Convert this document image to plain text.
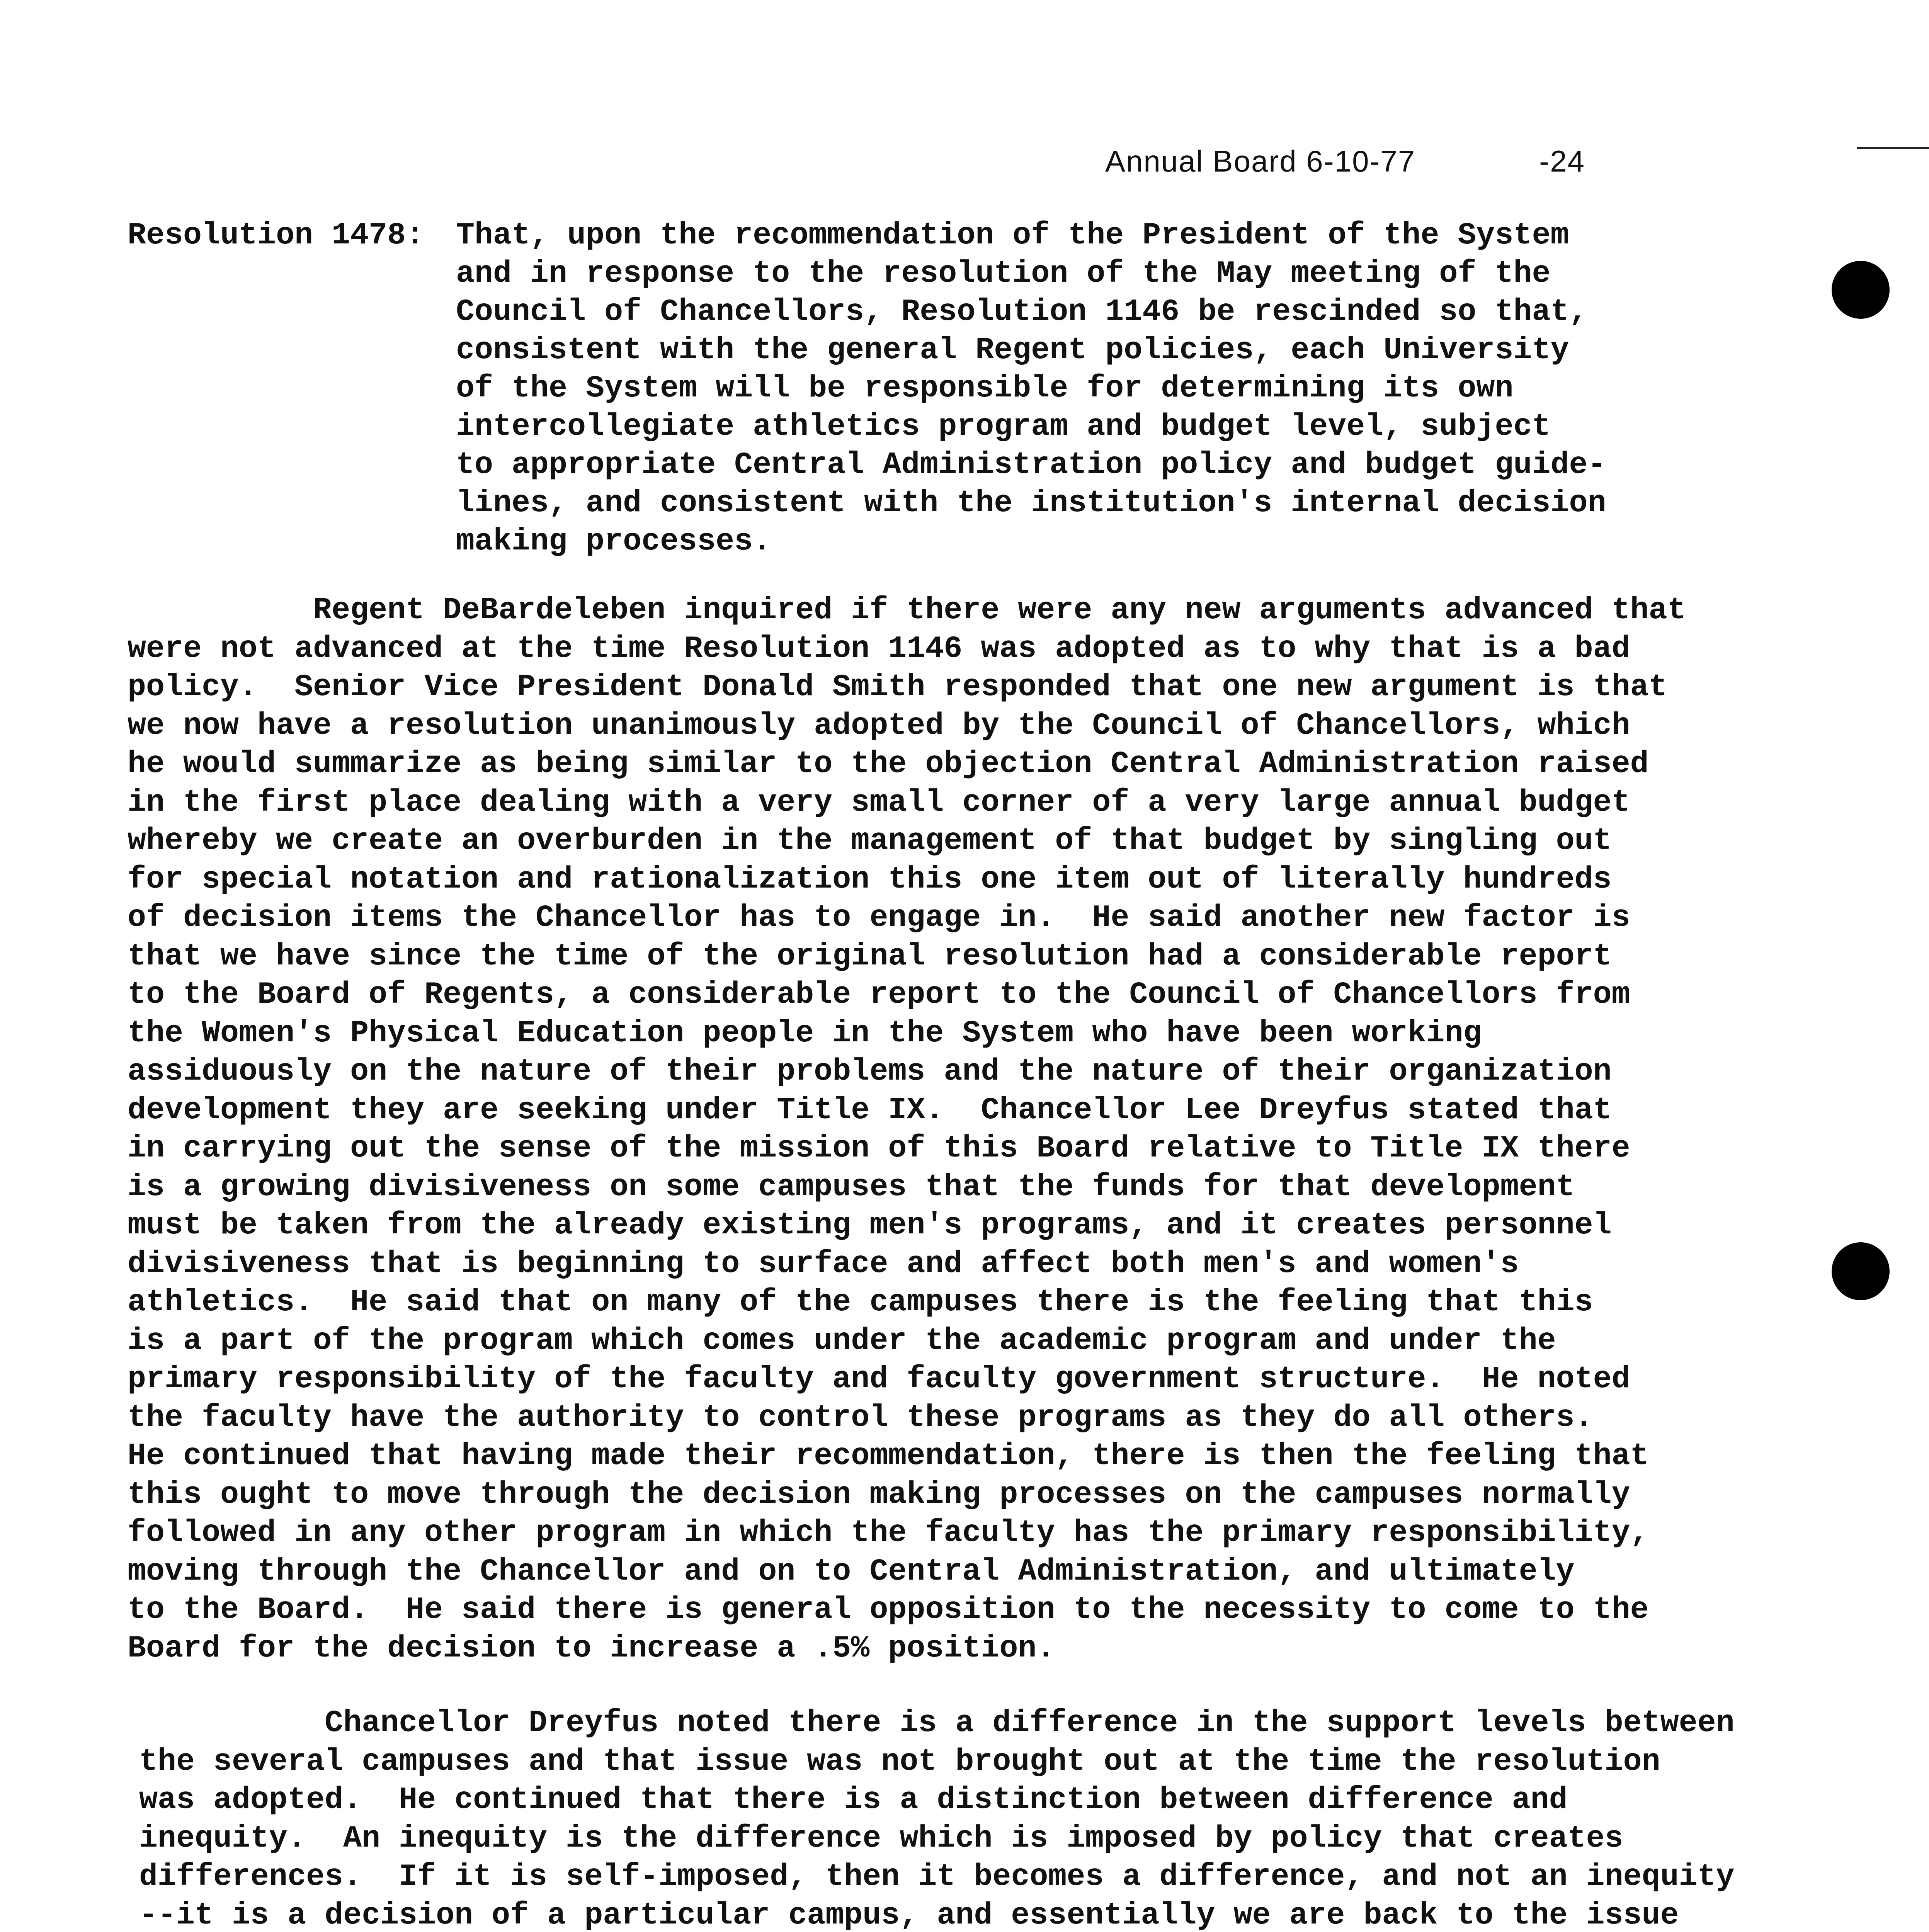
Annual Board 6-10-77	-24
Resolution 1478: That, upon the recommendation of the President of the System
and in response to the resolution of the May meeting of the
Council of Chancellors, Resolution 1146 be rescinded so that,
consistent with the general Regent policies, each University
of the System will be responsible for determining its own
intercollegiate athletics program and budget level, subject
to appropriate Central Administration policy and budget guide-
lines, and consistent with the institution's internal decision
making processes.
Regent DeBardeleben inquired if there were any new arguments advanced that
were not advanced at the time Resolution 1146 was adopted as to why that is a bad
policy.  Senior Vice President Donald Smith responded that one new argument is that
we now have a resolution unanimously adopted by the Council of Chancellors, which
he would summarize as being similar to the objection Central Administration raised
in the first place dealing with a very small corner of a very large annual budget
whereby we create an overburden in the management of that budget by singling out
for special notation and rationalization this one item out of literally hundreds
of decision items the Chancellor has to engage in.  He said another new factor is
that we have since the time of the original resolution had a considerable report
to the Board of Regents, a considerable report to the Council of Chancellors from
the Women's Physical Education people in the System who have been working
assiduously on the nature of their problems and the nature of their organization
development they are seeking under Title IX.  Chancellor Lee Dreyfus stated that
in carrying out the sense of the mission of this Board relative to Title IX there
is a growing divisiveness on some campuses that the funds for that development
must be taken from the already existing men's programs, and it creates personnel
divisiveness that is beginning to surface and affect both men's and women's
athletics.  He said that on many of the campuses there is the feeling that this
is a part of the program which comes under the academic program and under the
primary responsibility of the faculty and faculty government structure.  He noted
the faculty have the authority to control these programs as they do all others.
He continued that having made their recommendation, there is then the feeling that
this ought to move through the decision making processes on the campuses normally
followed in any other program in which the faculty has the primary responsibility,
moving through the Chancellor and on to Central Administration, and ultimately
to the Board.  He said there is general opposition to the necessity to come to the
Board for the decision to increase a .5% position.
Chancellor Dreyfus noted there is a difference in the support levels between
the several campuses and that issue was not brought out at the time the resolution
was adopted.  He continued that there is a distinction between difference and
inequity.  An inequity is the difference which is imposed by policy that creates
differences.  If it is self-imposed, then it becomes a difference, and not an inequity
--it is a decision of a particular campus, and essentially we are back to the issue
